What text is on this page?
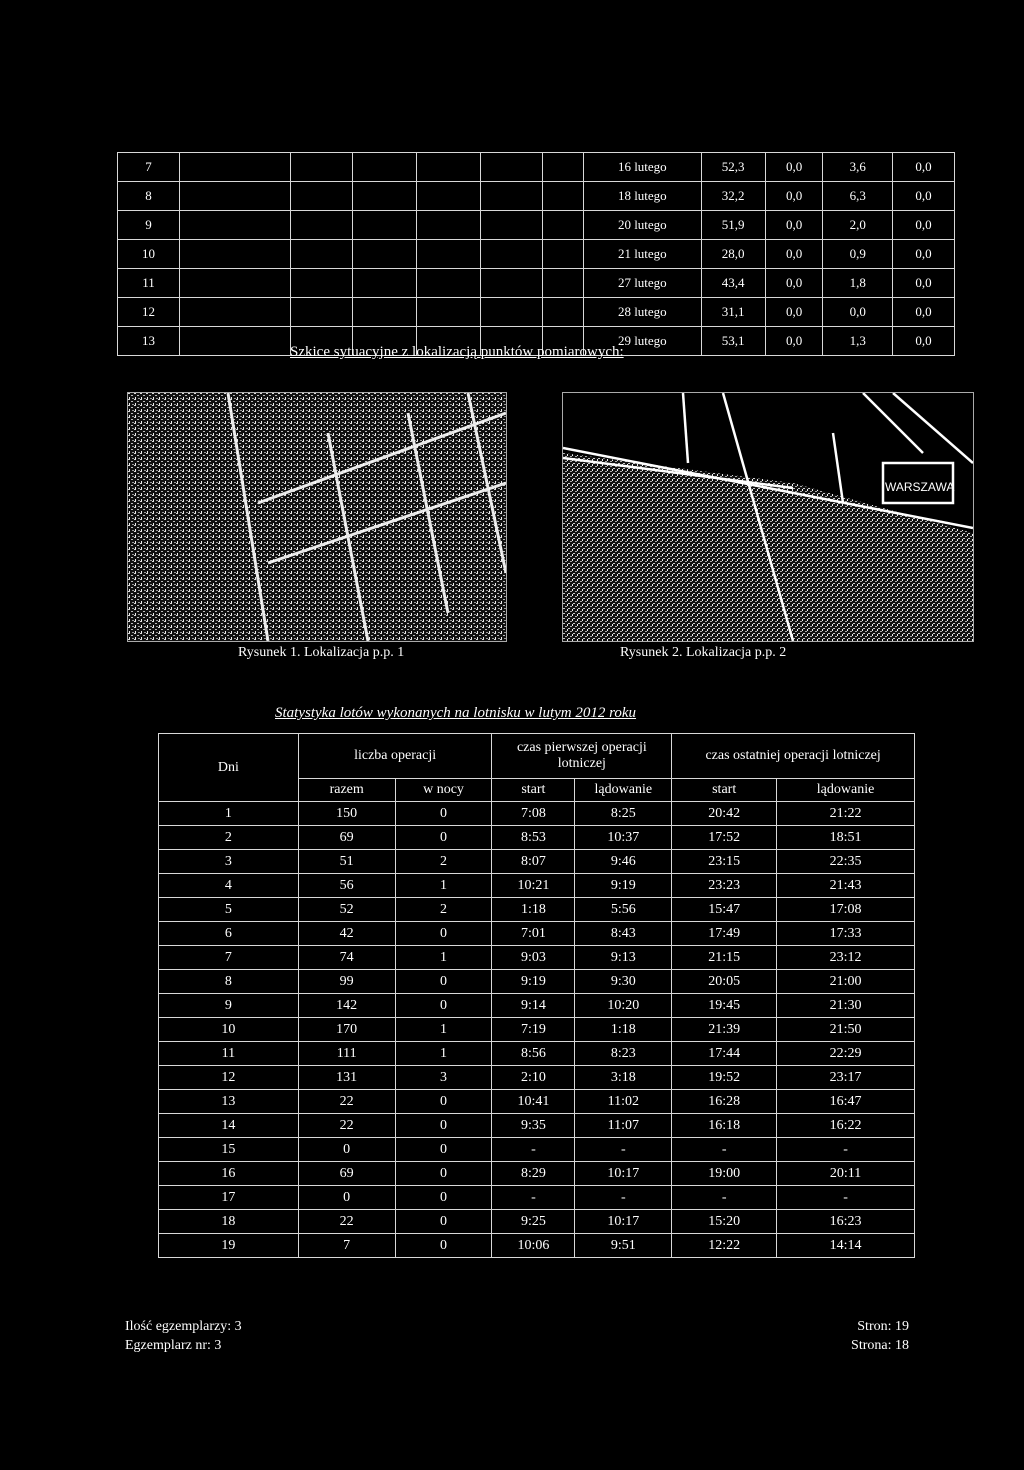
7							16 lutego	52,3	0,0	3,6	0,0
8							18 lutego	32,2	0,0	6,3	0,0
9							20 lutego	51,9	0,0	2,0	0,0
10							21 lutego	28,0	0,0	0,9	0,0
11							27 lutego	43,4	0,0	1,8	0,0
12							28 lutego	31,1	0,0	0,0	0,0
13							29 lutego	53,1	0,0	1,3	0,0
Szkice sytuacyjne z lokalizacją punktów pomiarowych:
WARSZAWA
Rysunek 1. Lokalizacja p.p. 1	Rysunek 2. Lokalizacja p.p. 2
Statystyka lotów wykonanych na lotnisku w lutym 2012 roku
Dni	liczba operacji		czas pierwszej operacji lotniczej		czas ostatniej operacji lotniczej	
	razem	w nocy	start	lądowanie	start	lądowanie
1	150	0	7:08	8:25	20:42	21:22
2	69	0	8:53	10:37	17:52	18:51
3	51	2	8:07	9:46	23:15	22:35
4	56	1	10:21	9:19	23:23	21:43
5	52	2	1:18	5:56	15:47	17:08
6	42	0	7:01	8:43	17:49	17:33
7	74	1	9:03	9:13	21:15	23:12
8	99	0	9:19	9:30	20:05	21:00
9	142	0	9:14	10:20	19:45	21:30
10	170	1	7:19	1:18	21:39	21:50
11	111	1	8:56	8:23	17:44	22:29
12	131	3	2:10	3:18	19:52	23:17
13	22	0	10:41	11:02	16:28	16:47
14	22	0	9:35	11:07	16:18	16:22
15	0	0	-	-	-	-
16	69	0	8:29	10:17	19:00	20:11
17	0	0	-	-	-	-
18	22	0	9:25	10:17	15:20	16:23
19	7	0	10:06	9:51	12:22	14:14
Ilość egzemplarzy: 3
Egzemplarz nr: 3
Stron: 19
Strona: 18
